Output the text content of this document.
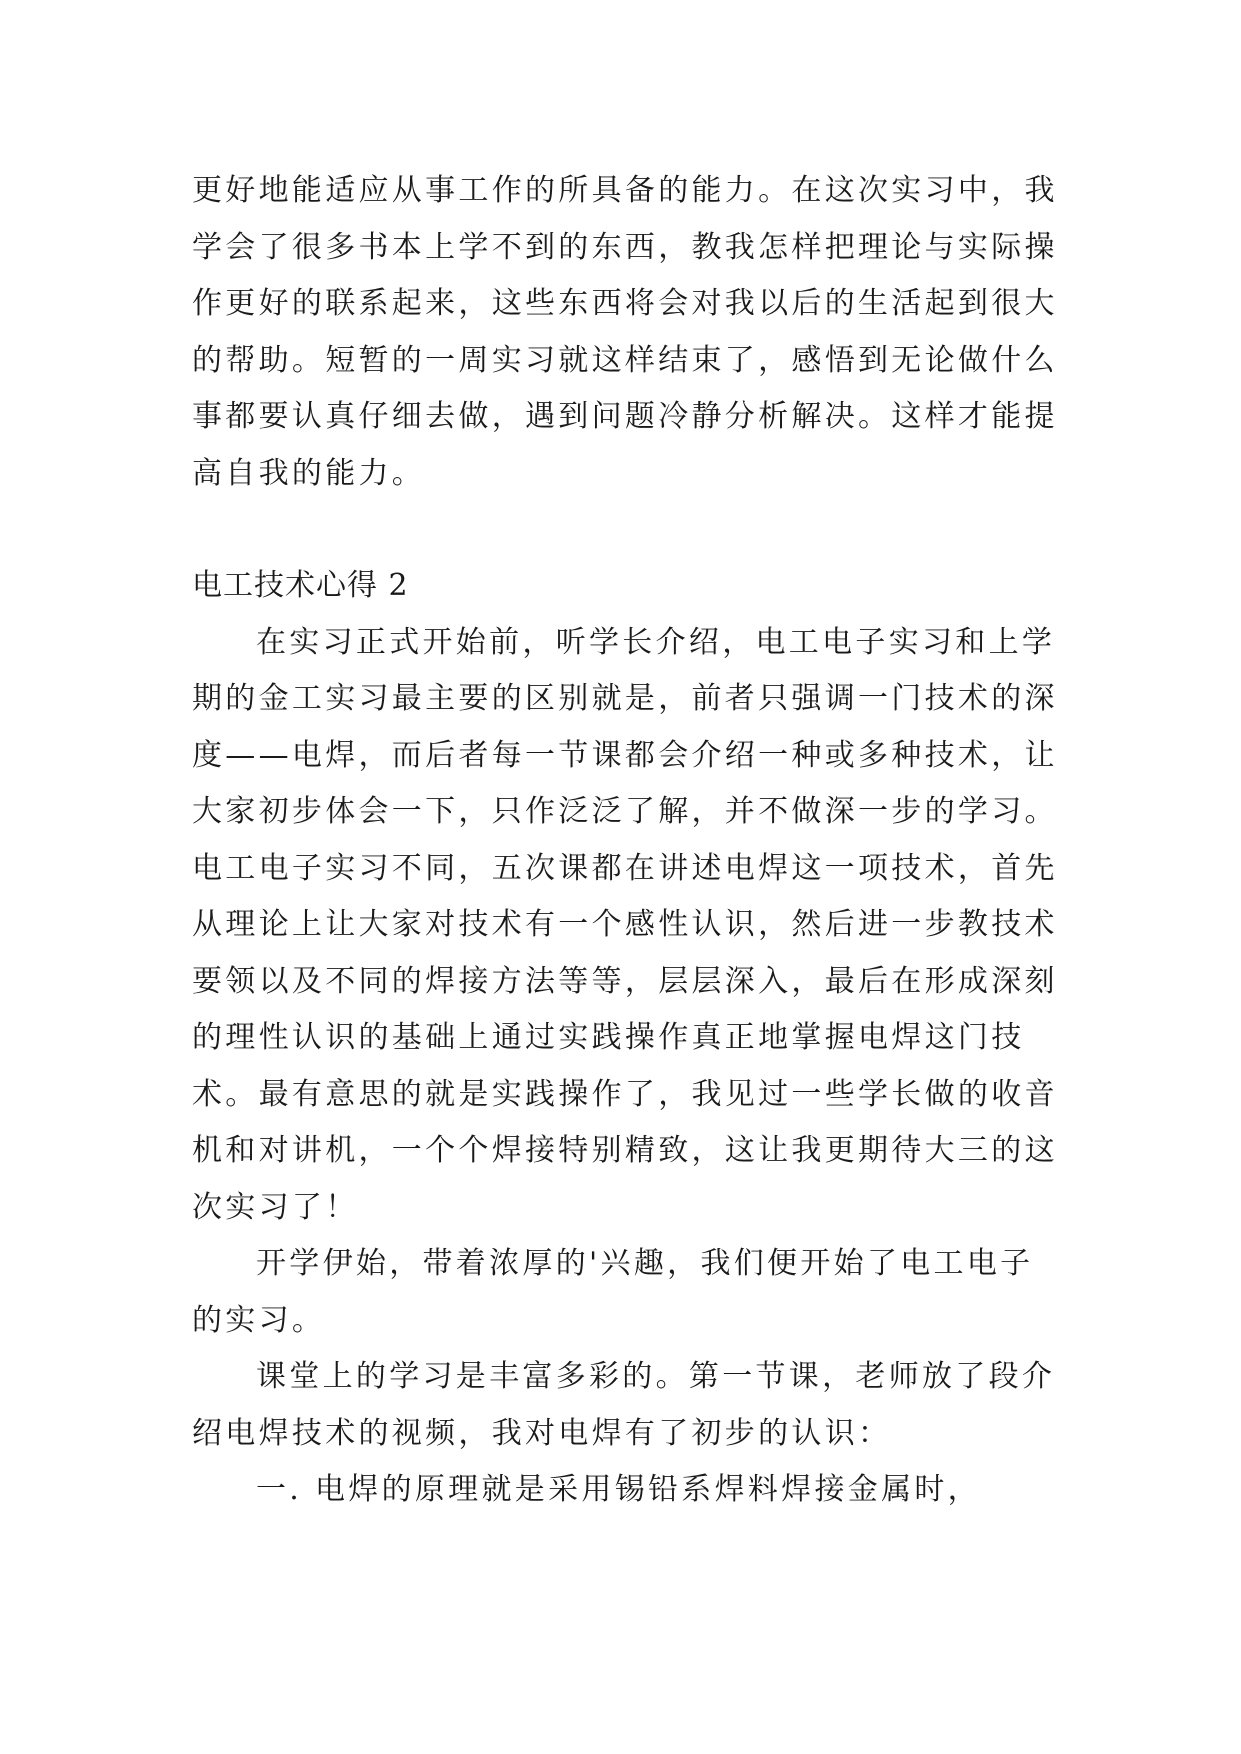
更好地能适应从事工作的所具备的能力。在这次实习中，我
学会了很多书本上学不到的东西，教我怎样把理论与实际操
作更好的联系起来，这些东西将会对我以后的生活起到很大
的帮助。短暂的一周实习就这样结束了，感悟到无论做什么
事都要认真仔细去做，遇到问题冷静分析解决。这样才能提
高自我的能力。
电工技术心得 2
在实习正式开始前，听学长介绍，电工电子实习和上学
期的金工实习最主要的区别就是，前者只强调一门技术的深
度——电焊，而后者每一节课都会介绍一种或多种技术，让
大家初步体会一下，只作泛泛了解，并不做深一步的学习。
电工电子实习不同，五次课都在讲述电焊这一项技术，首先
从理论上让大家对技术有一个感性认识，然后进一步教技术
要领以及不同的焊接方法等等，层层深入，最后在形成深刻
的理性认识的基础上通过实践操作真正地掌握电焊这门技
术。最有意思的就是实践操作了，我见过一些学长做的收音
机和对讲机，一个个焊接特别精致，这让我更期待大三的这
次实习了！
开学伊始，带着浓厚的'兴趣，我们便开始了电工电子
的实习。
课堂上的学习是丰富多彩的。第一节课，老师放了段介
绍电焊技术的视频，我对电焊有了初步的认识：
一. 电焊的原理就是采用锡铅系焊料焊接金属时，
